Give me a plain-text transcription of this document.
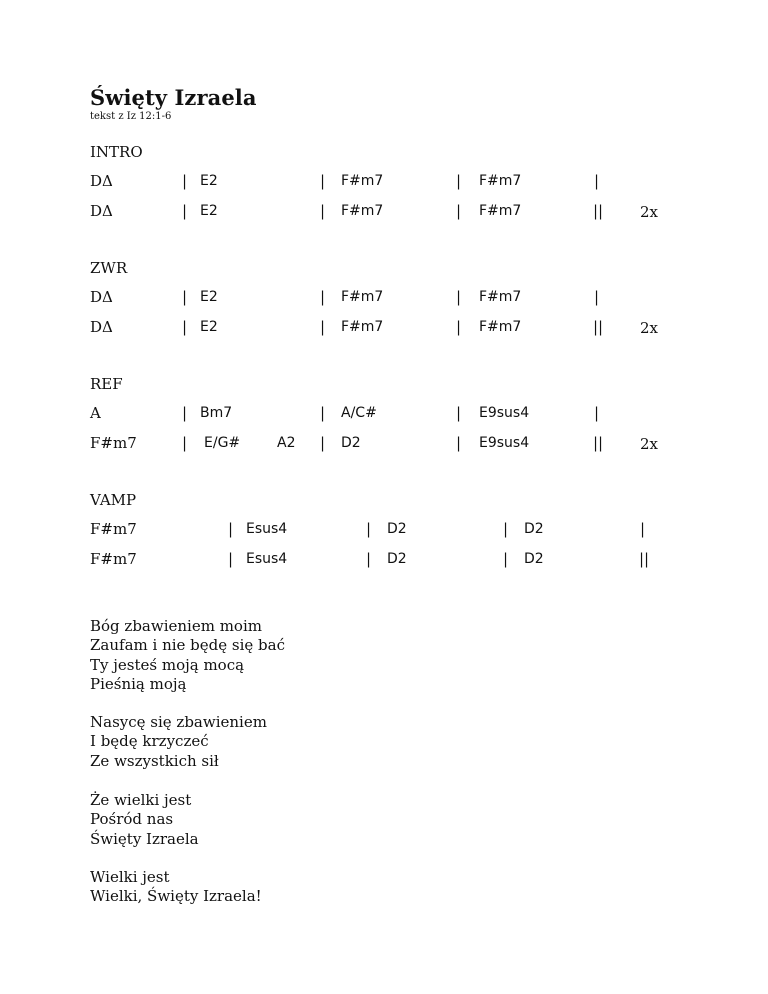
Święty Izraela
tekst z Iz 12:1-6
INTRO
DΔ	| E2	| F#m7	| F#m7	|
DΔ	| E2	| F#m7	| F#m7	|| 2x
ZWR
DΔ	| E2	| F#m7	| F#m7	|
DΔ	| E2	| F#m7	| F#m7	|| 2x
REF
A	| Bm7	| A/C#	| E9sus4	|
F#m7	| E/G#	A2 | D2	| E9sus4	|| 2x
VAMP
F#m7	| Esus4	| D2	| D2	|
F#m7	| Esus4	| D2	| D2	||
Bóg zbawieniem moim
Zaufam i nie będę się bać
Ty jesteś moją mocą
Pieśnią moją
Nasycę się zbawieniem
I będę krzyczeć
Ze wszystkich sił
Że wielki jest
Pośród nas
Święty Izraela
Wielki jest
Wielki, Święty Izraela!
